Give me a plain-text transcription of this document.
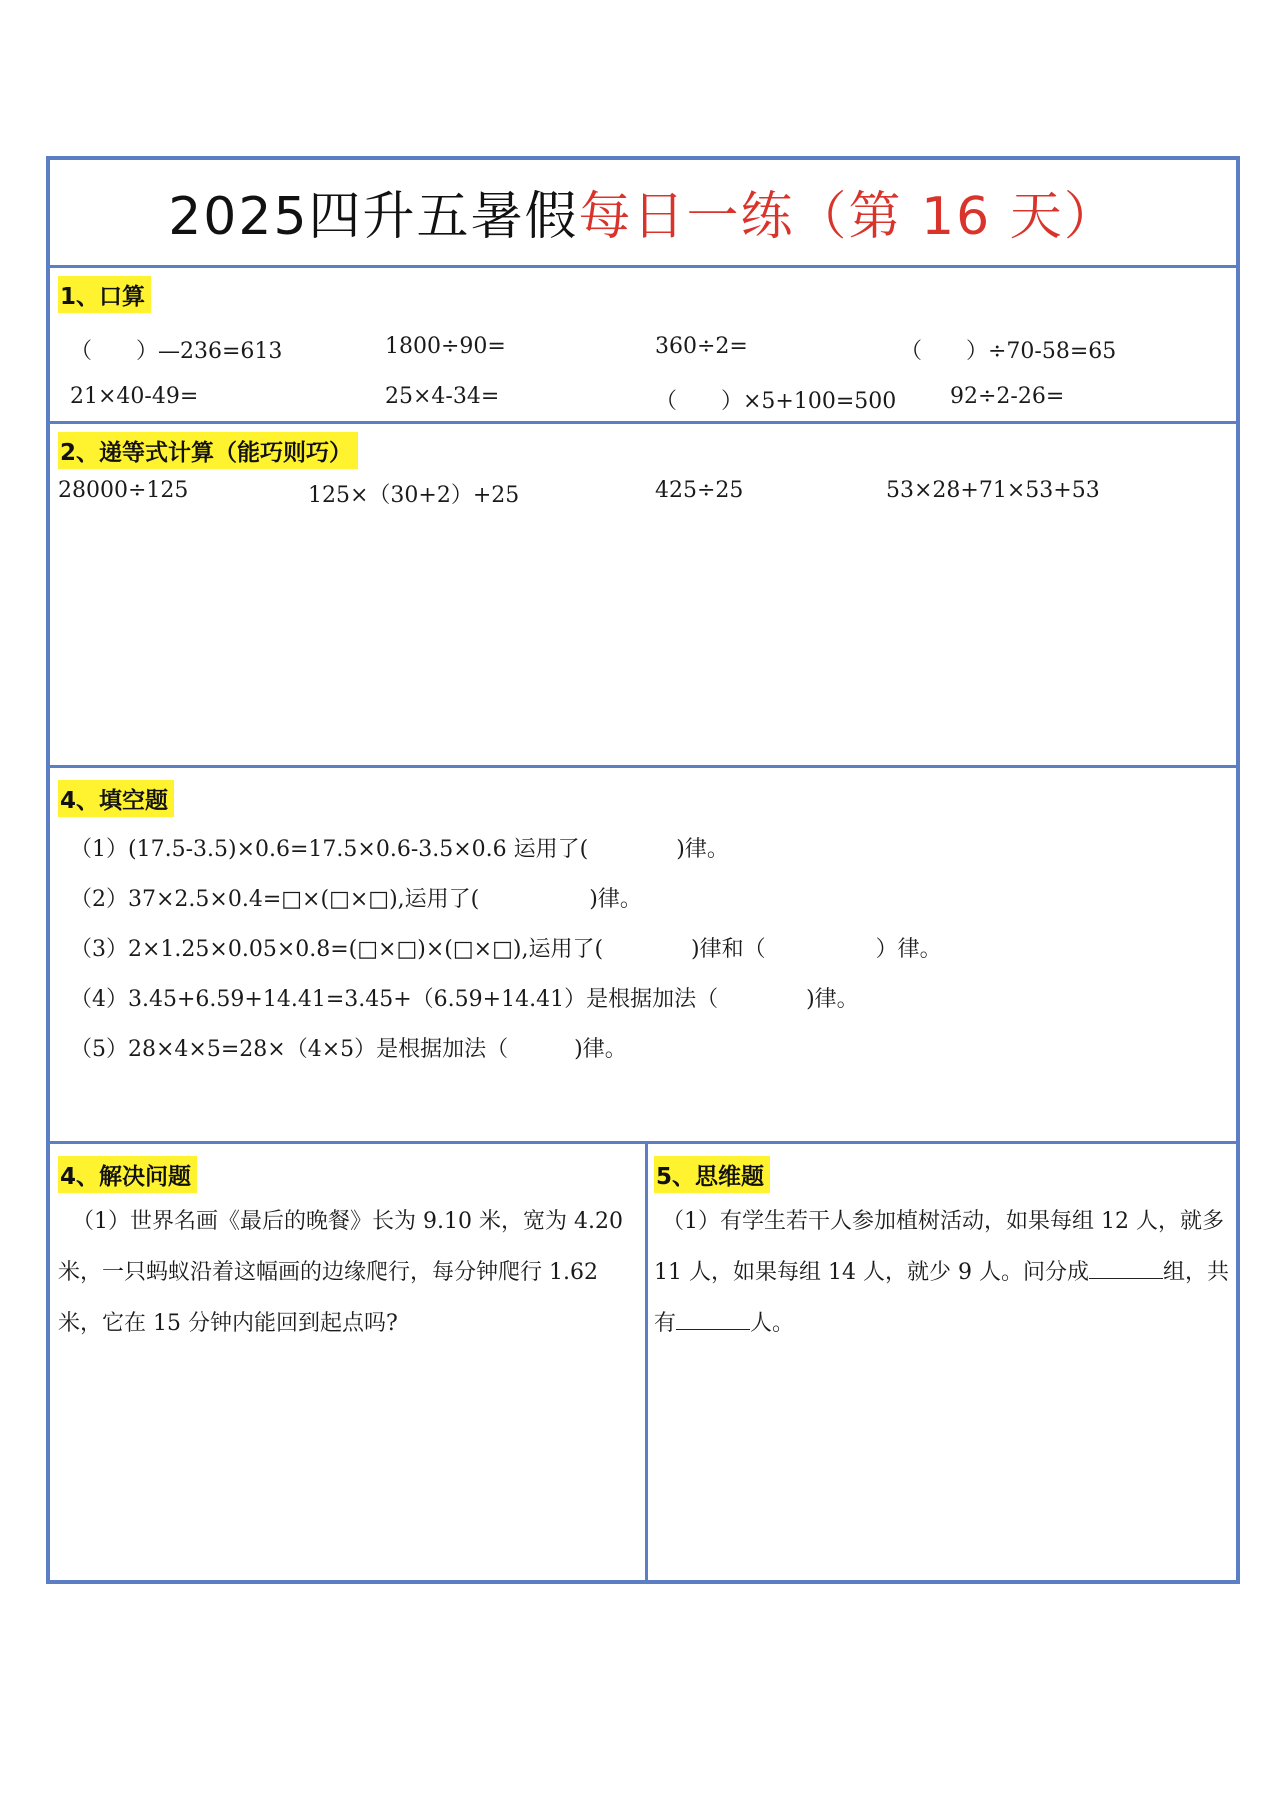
2025四升五暑假每日一练（第 16 天）
1、口算
（　　）—236=613	1800÷90=	360÷2=	（　　）÷70-58=65
21×40-49=	25×4-34=	（　　）×5+100=500 92÷2-26=
2、递等式计算（能巧则巧）
28000÷125	125×（30+2）+25	425÷25	53×28+71×53+53
4、填空题
（1）(17.5-3.5)×0.6=17.5×0.6-3.5×0.6 运用了(　　　　)律。
（2）37×2.5×0.4=□×(□×□),运用了(　　　　　)律。
（3）2×1.25×0.05×0.8=(□×□)×(□×□),运用了(　　　　)律和（　　　　　）律。
（4）3.45+6.59+14.41=3.45+（6.59+14.41）是根据加法（　　　　)律。
（5）28×4×5=28×（4×5）是根据加法（　　　)律。
4、解决问题
（1）世界名画《最后的晚餐》长为 9.10 米，宽为 4.20 米，一只蚂蚁沿着这幅画的边缘爬行，每分钟爬行 1.62 米，它在 15 分钟内能回到起点吗?
5、思维题
（1）有学生若干人参加植树活动，如果每组 12 人，就多 11 人，如果每组 14 人，就少 9 人。问分成	组，共有	人。
